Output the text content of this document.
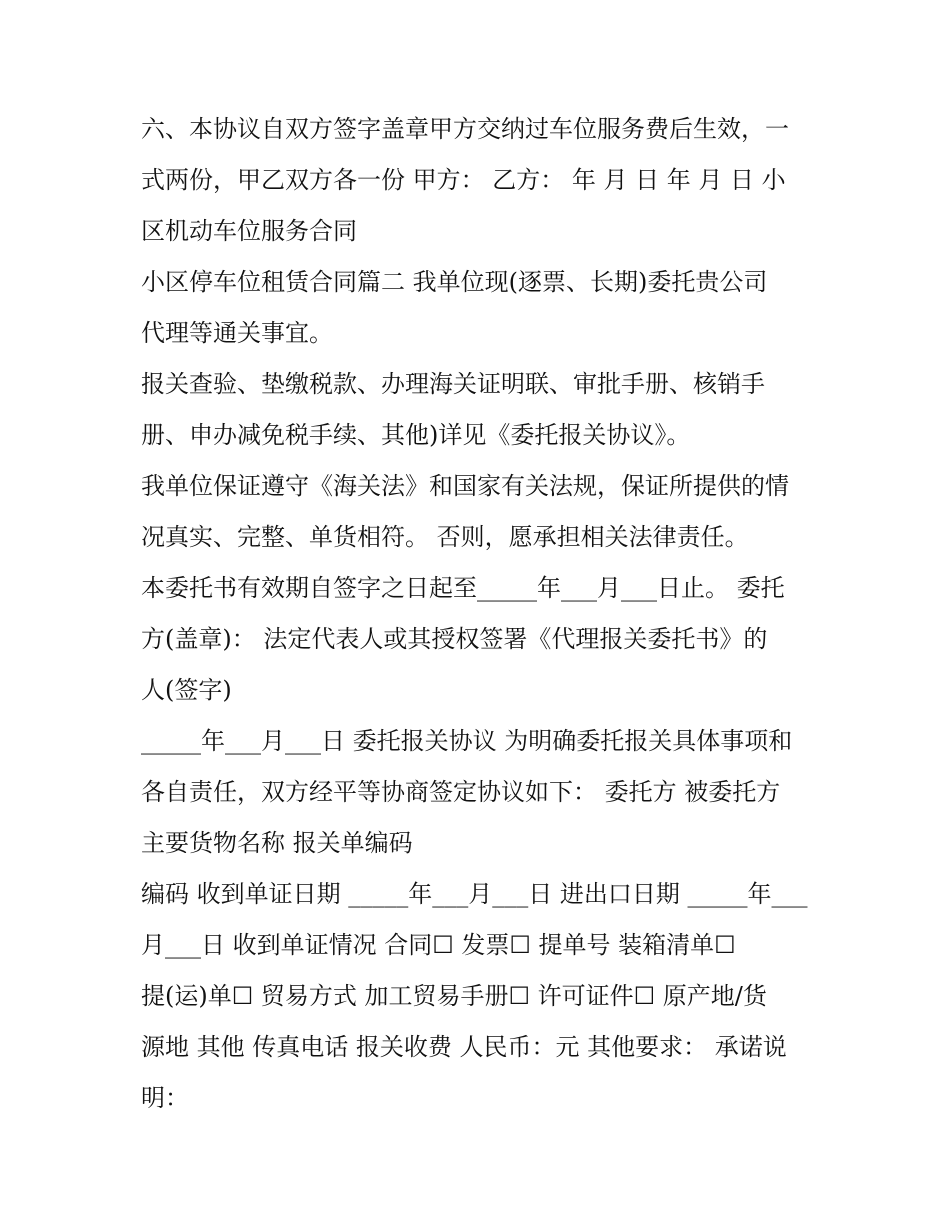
六、本协议自双方签字盖章甲方交纳过车位服务费后生效，一
式两份，甲乙双方各一份 甲方： 乙方： 年 月 日 年 月 日 小
区机动车位服务合同
小区停车位租赁合同篇二 我单位现(逐票、长期)委托贵公司
代理等通关事宜。
报关查验、垫缴税款、办理海关证明联、审批手册、核销手
册、申办减免税手续、其他)详见《委托报关协议》。
我单位保证遵守《海关法》和国家有关法规，保证所提供的情
况真实、完整、单货相符。 否则，愿承担相关法律责任。
本委托书有效期自签字之日起至_____年___月___日止。 委托
方(盖章)： 法定代表人或其授权签署《代理报关委托书》的
人(签字)
_____年___月___日 委托报关协议 为明确委托报关具体事项和
各自责任，双方经平等协商签定协议如下： 委托方 被委托方
主要货物名称 报关单编码
编码 收到单证日期 _____年___月___日 进出口日期 _____年___
月___日 收到单证情况 合同☐ 发票☐ 提单号 装箱清单☐
提(运)单☐ 贸易方式 加工贸易手册☐ 许可证件☐ 原产地/货
源地 其他 传真电话 报关收费 人民币：元 其他要求： 承诺说
明：
